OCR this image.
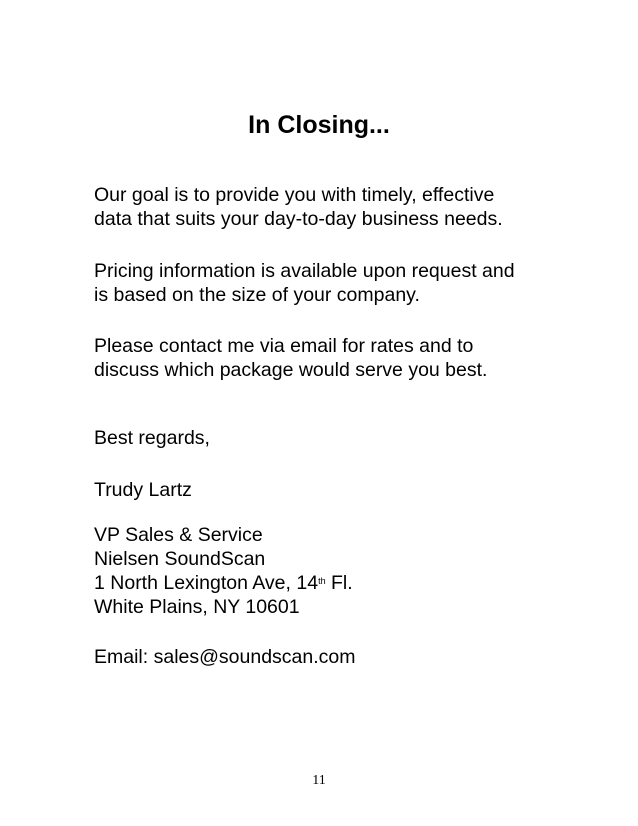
In Closing...
Our goal is to provide you with timely, effective
data that suits your day-to-day business needs.
Pricing information is available upon request and
is based on the size of your company.
Please contact me via email for rates and to
discuss which package would serve you best.
Best regards,
Trudy Lartz
VP Sales & Service
Nielsen SoundScan
1 North Lexington Ave, 14th Fl.
White Plains, NY 10601
Email: sales@soundscan.com
11
